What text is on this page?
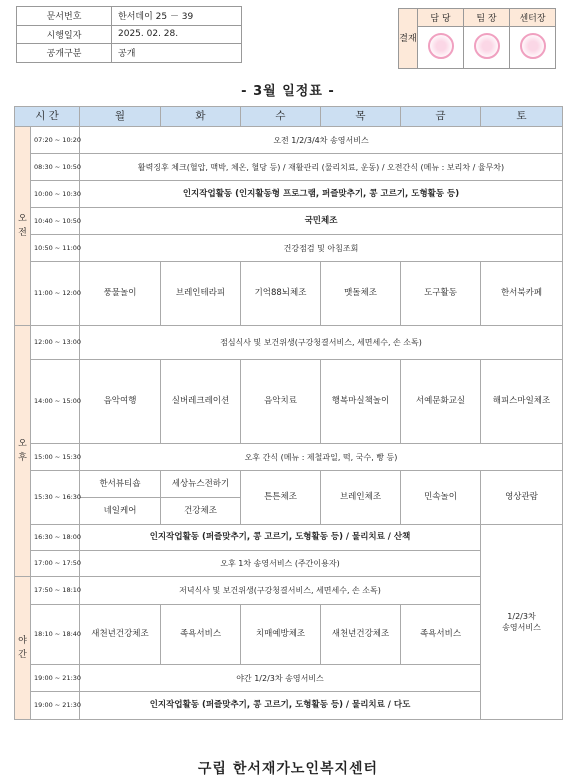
문서번호	한서데이 25 － 39
시행일자	2025. 02. 28.
공개구분	공개
결재	담 당	팀 장	센터장

- 3월 일정표 -
시 간		월	화	수	목	금	토
오
전	07:20 ~ 10:20	오전 1/2/3/4차 송영서비스					
	08:30 ~ 10:50	활력징후 체크(혈압, 맥박, 체온, 혈당 등) / 재활관리 (물리치료, 운동) / 오전간식 (메뉴 : 보리차 / 율무차)					
	10:00 ~ 10:30	인지작업활동 (인지활동형 프로그램, 퍼즐맞추기, 콩 고르기, 도형활동 등)					
	10:40 ~ 10:50	국민체조					
	10:50 ~ 11:00	건강점검 및 아침조회					
	11:00 ~ 12:00	풍물놀이	브레인테라피	기억88뇌체조	맷돌체조	도구활동	한서북카페
오
후	12:00 ~ 13:00	점심식사 및 보건위생(구강청결서비스, 세면세수, 손 소독)					
	14:00 ~ 15:00	음악여행	실버레크레이션	음악치료	행복마실책놀이	서예문화교실	해피스마일체조
	15:00 ~ 15:30	오후 간식 (메뉴 : 제철과일, 떡, 국수, 빵 등)					
	15:30 ~ 16:30	한서뷰티숍	세상뉴스전하기	튼튼체조	브레인체조	민속놀이	영상관람
		네일케어	건강체조				
	16:30 ~ 18:00	인지작업활동 (퍼즐맞추기, 콩 고르기, 도형활동 등) / 물리치료 / 산책					1/2/3차
송영서비스
	17:00 ~ 17:50	오후 1차 송영서비스 (주간이용자)					
야
간	17:50 ~ 18:10	저녁식사 및 보건위생(구강청결서비스, 세면세수, 손 소독)					
	18:10 ~ 18:40	새천년건강체조	족욕서비스	치매예방체조	새천년건강체조	족욕서비스	
	19:00 ~ 21:30	야간 1/2/3차 송영서비스					
	19:00 ~ 21:30	인지작업활동 (퍼즐맞추기, 콩 고르기, 도형활동 등) / 물리치료 / 다도					
구립 한서재가노인복지센터
